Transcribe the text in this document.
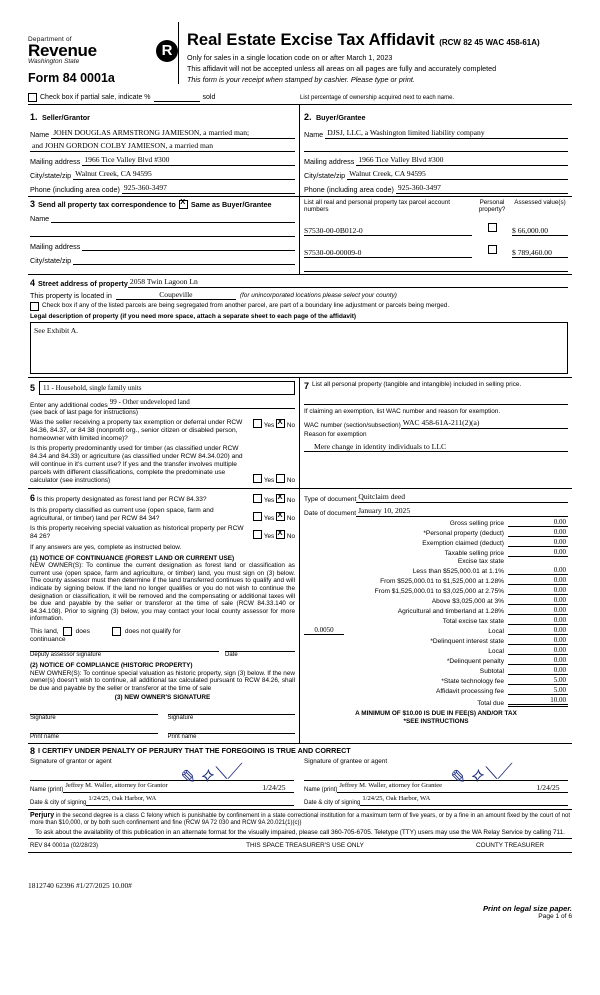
Department of
Revenue
Washington State
R
Form 84 0001a
Real Estate Excise Tax Affidavit (RCW 82 45 WAC 458-61A)
Only for sales in a single location code on or after March 1, 2023
This affidavit will not be accepted unless all areas on all pages are fully and accurately completed
This form is your receipt when stamped by cashier. Please type or print.
Check box if partial sale, indicate %	sold	List percentage of ownership acquired next to each name.
1. Seller/Grantor
Name JOHN DOUGLAS ARMSTRONG JAMIESON, a married man;
and JOHN GORDON COLBY JAMIESON, a married man
Mailing address 1966 Tice Valley Blvd #300
City/state/zip Walnut Creek, CA 94595
Phone (including area code) 925-360-3497
2. Buyer/Grantee
Name DJSJ, LLC, a Washington limited liability company
Mailing address 1966 Tice Valley Blvd #300
City/state/zip Walnut Creek, CA 94595
Phone (including area code) 925-360-3497
3 Send all property tax correspondence to X Same as Buyer/Grantee
Name
Mailing address
City/state/zip
List all real and personal property tax parcel account numbers
Personal property?
Assessed value(s)
S7530-00-0B012-0	$ 66,000.00
S7530-00-00009-0	$ 789,460.00
4 Street address of property 2058 Twin Lagoon Ln
This property is located in	Coupeville	(for unincorporated locations please select your county)
Check box if any of the listed parcels are being segregated from another parcel, are part of a boundary line adjustment or parcels being merged.
Legal description of property (if you need more space, attach a separate sheet to each page of the affidavit)
See Exhibit A.
5	11 - Household, single family units
Enter any additional codes 99 - Other undeveloped land
(see back of last page for instructions)
Was the seller receiving a property tax exemption or deferral under RCW 84.36, 84.37, or 84 38 (nonprofit org., senior citizen or disabled person, homeowner with limited income)?
Yes X No
Is this property predominantly used for timber (as classified under RCW 84.34 and 84.33) or agriculture (as classified under RCW 84.34.020) and will continue in it's current use? If yes and the transfer involves multiple parcels with different classifications, complete the predominate use calculator (see instructions)	Yes No
7 List all personal property (tangible and intangible) included in selling price.
If claiming an exemption, list WAC number and reason for exemption.
WAC number (section/subsection) WAC 458-61A-211(2)(a)
Reason for exemption
Mere change in identity individuals to LLC
6 Is this property designated as forest land per RCW 84.33?	Yes X No
Is this property classified as current use (open space, farm and agricultural, or timber) land per RCW 84 34?	Yes X No
Is this property receiving special valuation as historical property per RCW 84 26?	Yes X No
If any answers are yes, complete as instructed below.
(1) NOTICE OF CONTINUANCE (FOREST LAND OR CURRENT USE)
NEW OWNER(S): To continue the current designation as forest land or classification as current use (open space, farm and agriculture, or timber) land, you must sign on (3) below. The county assessor must then determine if the land transferred continues to qualify and will indicate by signing below. If the land no longer qualifies or you do not wish to continue the designation or classification, it will be removed and the compensating or additional taxes will be due and payable by the seller or transferor at the time of sale (RCW 84.33.140 or 84.34.108). Prior to signing (3) below, you may contact your local county assessor for more information.
This land,	does	does not qualify for
continuance
Deputy assessor signature	Date
(2) NOTICE OF COMPLIANCE (HISTORIC PROPERTY)
NEW OWNER(S): To continue special valuation as historic property, sign (3) below. If the new owner(s) doesn't wish to continue, all additional tax calculated pursuant to RCW 84.26, shall be due and payable by the seller or transferor at the time of sale
(3) NEW OWNER'S SIGNATURE
Signature	Signature
Print name	Print name
Type of document Quitclaim deed
Date of document January 10, 2025
Gross selling price	0.00
*Personal property (deduct)	0.00
Exemption claimed (deduct)	0.00
Taxable selling price	0.00
Excise tax state
Less than $525,000.01 at 1.1%	0.00
From $525,000.01 to $1,525,000 at 1.28%	0.00
From $1,525,000.01 to $3,025,000 at 2.75%	0.00
Above $3,025,000 at 3%	0.00
Agricultural and timberland at 1.28%	0.00
Total excise tax state	0.00
0.0050	Local	0.00
*Delinquent interest state	0.00
Local	0.00
*Delinquent penalty	0.00
Subtotal	0.00
*State technology fee	5.00
Affidavit processing fee	5.00
Total due	10.00
A MINIMUM OF $10.00 IS DUE IN FEE(S) AND/OR TAX
*SEE INSTRUCTIONS
8 I CERTIFY UNDER PENALTY OF PERJURY THAT THE FOREGOING IS TRUE AND CORRECT
Signature of grantor or agent
Name (print)
Jeffrey M. Waller, attorney for Grantor	1/24/25
Date & city of signing
1/24/25, Oak Harbor, WA
Signature of grantee or agent
Name (print)
Jeffrey M. Waller, attorney for Grantee	1/24/25
Date & city of signing
1/24/25, Oak Harbor, WA
✎ ⟡⟍⟋	✎ ⟡⟍⟋
Perjury in the second degree is a class C felony which is punishable by confinement in a state correctional institution for a maximum term of five years, or by a fine in an amount fixed by the court of not more than $10,000, or by both such confinement and fine (RCW 9A 72 030 and RCW 9A 20.021(1)(c))
To ask about the availability of this publication in an alternate format for the visually impaired, please call 360-705-6705. Teletype (TTY) users may use the WA Relay Service by calling 711.
REV 84 0001a (02/28/23)	THIS SPACE TREASURER'S USE ONLY	COUNTY TREASURER
1812740 62396 #1/27/2025 10.00#
Print on legal size paper.
Page 1 of 6
